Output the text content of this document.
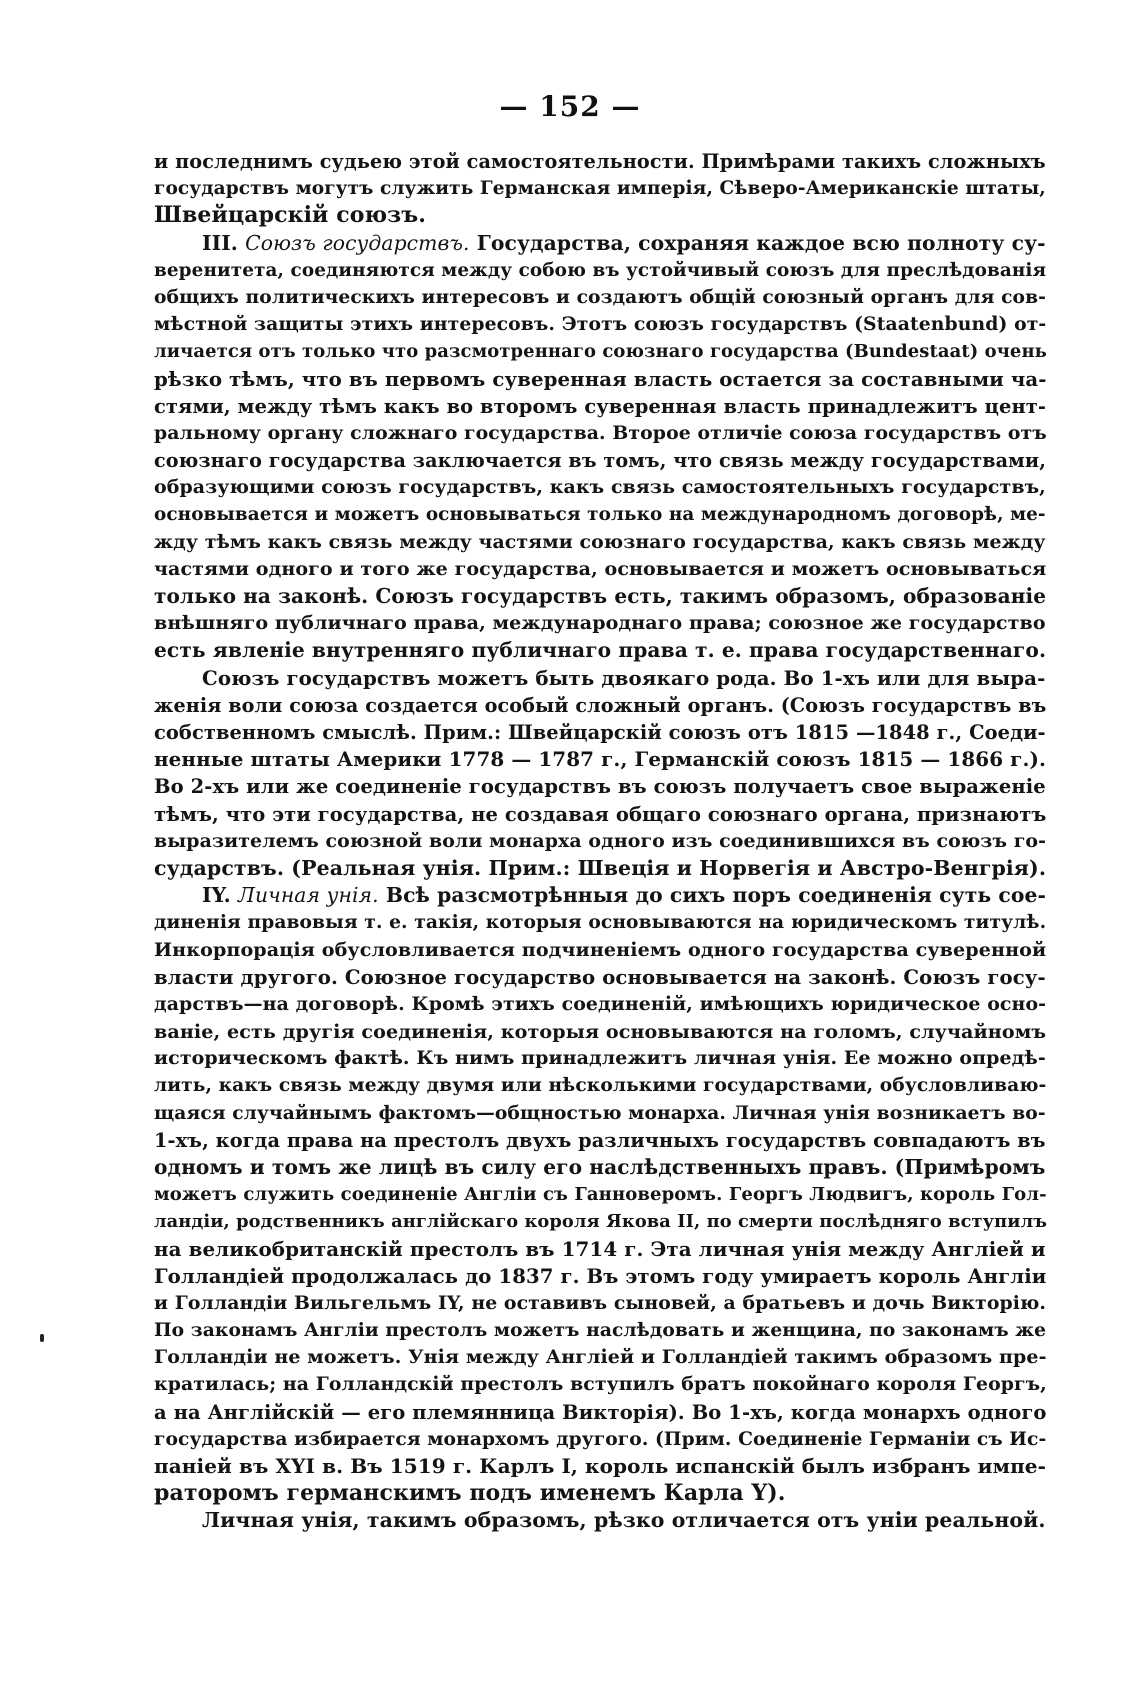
— 152 —
и последнимъ судьею этой самостоятельности. Примѣрами такихъ сложныхъ
государствъ могутъ служить Германская имперія, Сѣверо-Американскіе штаты,
Швейцарскій союзъ.
III. Союзъ государствъ. Государства, сохраняя каждое всю полноту су-
веренитета, соединяются между собою въ устойчивый союзъ для преслѣдованія
общихъ политическихъ интересовъ и создаютъ общій союзный органъ для сов-
мѣстной защиты этихъ интересовъ. Этотъ союзъ государствъ (Staatenbund) от-
личается отъ только что разсмотреннаго союзнаго государства (Bundestaat) очень
рѣзко тѣмъ, что въ первомъ суверенная власть остается за составными ча-
стями, между тѣмъ какъ во второмъ суверенная власть принадлежитъ цент-
ральному органу сложнаго государства. Второе отличіе союза государствъ отъ
союзнаго государства заключается въ томъ, что связь между государствами,
образующими союзъ государствъ, какъ связь самостоятельныхъ государствъ,
основывается и можетъ основываться только на международномъ договорѣ, ме-
жду тѣмъ какъ связь между частями союзнаго государства, какъ связь между
частями одного и того же государства, основывается и можетъ основываться
только на законѣ. Союзъ государствъ есть, такимъ образомъ, образованіе
внѣшняго публичнаго права, международнаго права; союзное же государство
есть явленіе внутренняго публичнаго права т. е. права государственнаго.
Союзъ государствъ можетъ быть двоякаго рода. Во 1-хъ или для выра-
женія воли союза создается особый сложный органъ. (Союзъ государствъ въ
собственномъ смыслѣ. Прим.: Швейцарскій союзъ отъ 1815 —1848 г., Соеди-
ненные штаты Америки 1778 — 1787 г., Германскій союзъ 1815 — 1866 г.).
Во 2-хъ или же соединеніе государствъ въ союзъ получаетъ свое выраженіе
тѣмъ, что эти государства, не создавая общаго союзнаго органа, признаютъ
выразителемъ союзной воли монарха одного изъ соединившихся въ союзъ го-
сударствъ. (Реальная унія. Прим.: Швеція и Норвегія и Австро-Венгрія).
IY. Личная унія. Всѣ разсмотрѣнныя до сихъ поръ соединенія суть сое-
диненія правовыя т. е. такія, которыя основываются на юридическомъ титулѣ.
Инкорпорація обусловливается подчиненіемъ одного государства суверенной
власти другого. Союзное государство основывается на законѣ. Союзъ госу-
дарствъ—на договорѣ. Кромѣ этихъ соединеній, имѣющихъ юридическое осно-
ваніе, есть другія соединенія, которыя основываются на голомъ, случайномъ
историческомъ фактѣ. Къ нимъ принадлежитъ личная унія. Ее можно опредѣ-
лить, какъ связь между двумя или нѣсколькими государствами, обусловливаю-
щаяся случайнымъ фактомъ—общностью монарха. Личная унія возникаетъ во-
1-хъ, когда права на престолъ двухъ различныхъ государствъ совпадаютъ въ
одномъ и томъ же лицѣ въ силу его наслѣдственныхъ правъ. (Примѣромъ
можетъ служить соединеніе Англіи съ Ганноверомъ. Георгъ Людвигъ, король Гол-
ландіи, родственникъ англійскаго короля Якова II, по смерти послѣдняго вступилъ
на великобританскій престолъ въ 1714 г. Эта личная унія между Англіей и
Голландіей продолжалась до 1837 г. Въ этомъ году умираетъ король Англіи
и Голландіи Вильгельмъ IY, не оставивъ сыновей, а братьевъ и дочь Викторію.
По законамъ Англіи престолъ можетъ наслѣдовать и женщина, по законамъ же
Голландіи не можетъ. Унія между Англіей и Голландіей такимъ образомъ пре-
кратилась; на Голландскій престолъ вступилъ братъ покойнаго короля Георгъ,
а на Англійскій — его племянница Викторія). Во 1-хъ, когда монархъ одного
государства избирается монархомъ другого. (Прим. Соединеніе Германіи съ Ис-
паніей въ XYI в. Въ 1519 г. Карлъ I, король испанскій былъ избранъ импе-
раторомъ германскимъ подъ именемъ Карла Y).
Личная унія, такимъ образомъ, рѣзко отличается отъ уніи реальной.
